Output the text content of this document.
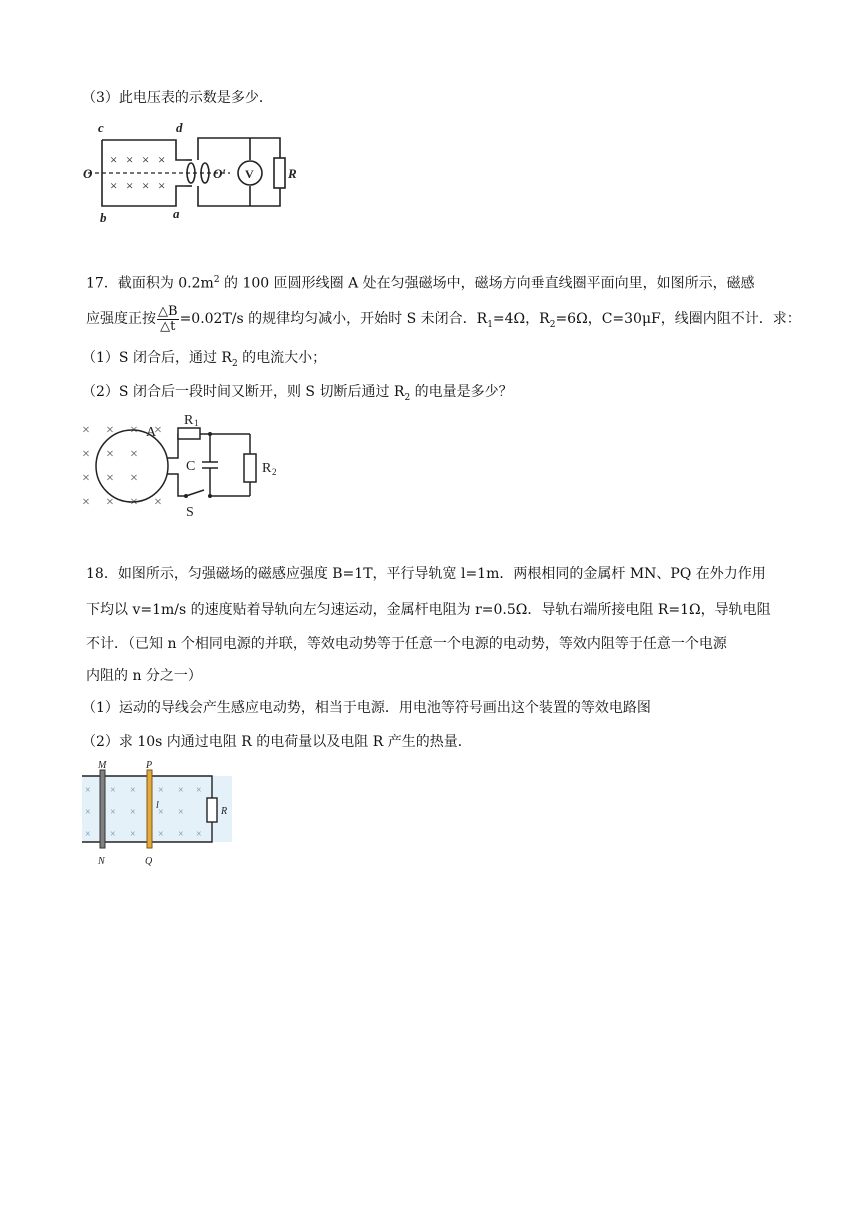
（3）此电压表的示数是多少．
c	d
O	O′
b	a
V	R
× × × ×
× × × ×
17．截面积为 $0.2m^2$ 的 100 匝圆形线圈 A 处在匀强磁场中，磁场方向垂直线圈平面向里，如图所示，磁感
应强度正按 $\frac{\triangle B}{\triangle t} =0.02T/s$ 的规律均匀减小，开始时 S 未闭合．$R_1=4\Omega$，$R_2=6\Omega$，C=30μF，线圈内阻不计．求：
（1）S 闭合后，通过 $R_2$ 的电流大小；
（2）S 闭合后一段时间又断开，则 S 切断后通过 $R_2$ 的电量是多少？
× × ×
× × ×
× × ×
× × ×
×
×
A
R 1
C	R 2
S
18．如图所示，匀强磁场的磁感应强度 B=1T，平行导轨宽 l=1m．两根相同的金属杆 MN、PQ 在外力作用
下均以 v=1m/s 的速度贴着导轨向左匀速运动，金属杆电阻为 r=0.5Ω．导轨右端所接电阻 R=1Ω，导轨电阻
不计．（已知 n 个相同电源的并联，等效电动势等于任意一个电源的电动势，等效内阻等于任意一个电源
内阻的 n 分之一）
（1）运动的导线会产生感应电动势，相当于电源．用电池等符号画出这个装置的等效电路图
（2）求 10s 内通过电阻 R 的电荷量以及电阻 R 产生的热量．
×
×
×
×
×
×
×
×
×
×
×
×
×
×
×
×
×
M	P
l
R
N	Q
